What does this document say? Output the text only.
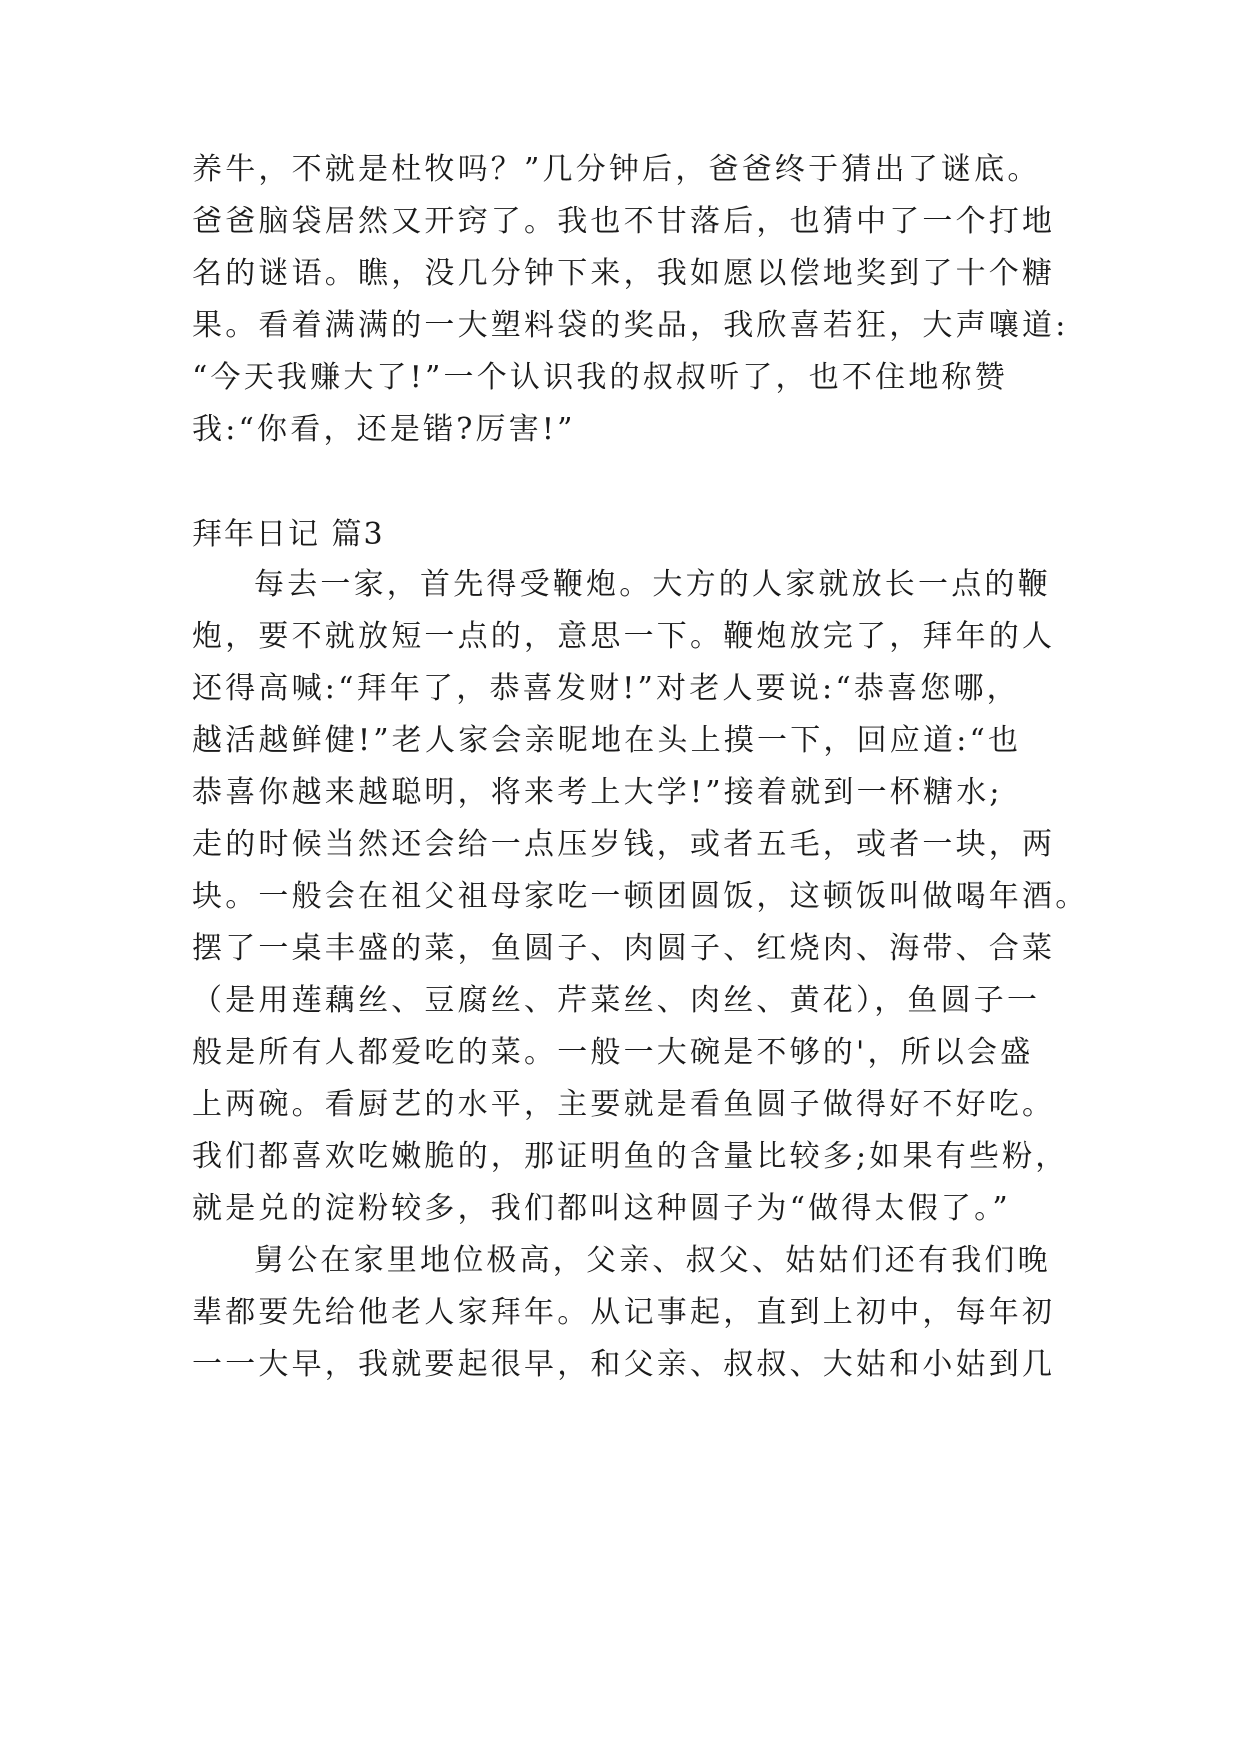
养牛，不就是杜牧吗？”几分钟后，爸爸终于猜出了谜底。
爸爸脑袋居然又开窍了。我也不甘落后，也猜中了一个打地
名的谜语。瞧，没几分钟下来，我如愿以偿地奖到了十个糖
果。看着满满的一大塑料袋的奖品，我欣喜若狂，大声嚷道:
“今天我赚大了!”一个认识我的叔叔听了，也不住地称赞
我:“你看，还是锴?厉害!”
拜年日记 篇3
每去一家，首先得受鞭炮。大方的人家就放长一点的鞭
炮，要不就放短一点的，意思一下。鞭炮放完了，拜年的人
还得高喊:“拜年了，恭喜发财!”对老人要说:“恭喜您哪，
越活越鲜健!”老人家会亲昵地在头上摸一下，回应道:“也
恭喜你越来越聪明，将来考上大学!”接着就到一杯糖水;
走的时候当然还会给一点压岁钱，或者五毛，或者一块，两
块。一般会在祖父祖母家吃一顿团圆饭，这顿饭叫做喝年酒。
摆了一桌丰盛的菜，鱼圆子、肉圆子、红烧肉、海带、合菜
（是用莲藕丝、豆腐丝、芹菜丝、肉丝、黄花），鱼圆子一
般是所有人都爱吃的菜。一般一大碗是不够的'，所以会盛
上两碗。看厨艺的水平，主要就是看鱼圆子做得好不好吃。
我们都喜欢吃嫩脆的，那证明鱼的含量比较多;如果有些粉，
就是兑的淀粉较多，我们都叫这种圆子为“做得太假了。”
舅公在家里地位极高，父亲、叔父、姑姑们还有我们晚
辈都要先给他老人家拜年。从记事起，直到上初中，每年初
一一大早，我就要起很早，和父亲、叔叔、大姑和小姑到几
